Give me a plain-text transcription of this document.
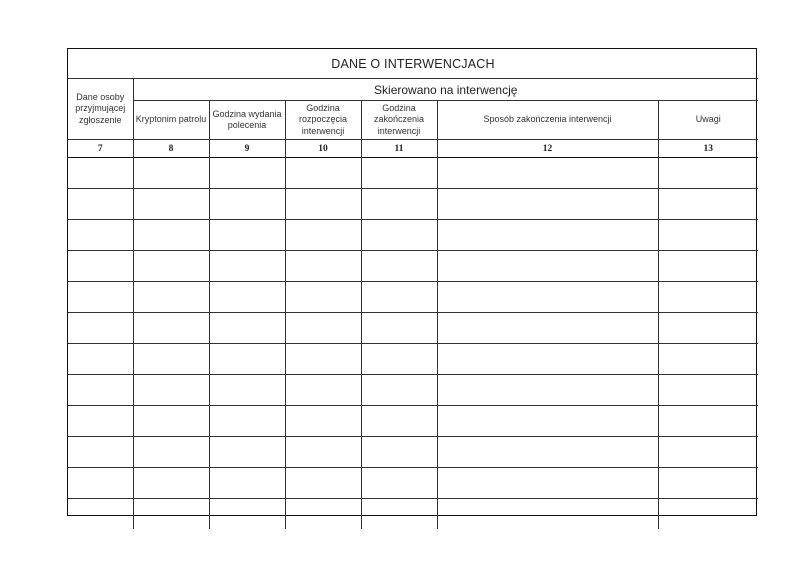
DANE O INTERWENCJACH						
Dane osoby przyjmującej zgłoszenie	Skierowano na interwencję					
	Kryptonim patrolu	Godzina wydania polecenia	Godzina rozpoczęcia interwencji	Godzina zakończenia interwencji	Sposób zakończenia interwencji	Uwagi
7	8	9	10	11	12	13
